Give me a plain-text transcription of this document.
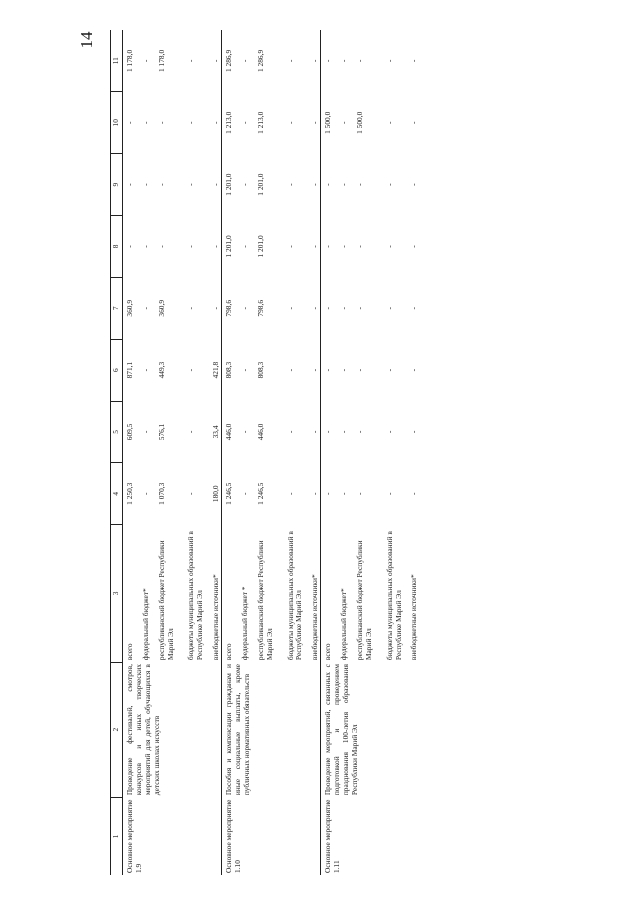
14
1	2	3	4	5	6	7	8	9	10	11
Основное мероприятие 1.9	Проведение фестивалей, смотров, конкурсов и иных творческих мероприятий для детей, обучающихся в детских школах искусств	всего	1 250,3	609,5	871,1	360,9	-	-	-	1 178,0
		федеральный бюджет*	-	-	-	-	-	-	-	-
		республиканский бюджет Республики Марий Эл	1 070,3	576,1	449,3	360,9	-	-	-	1 178,0
		бюджеты муниципальных образований в Республике Марий Эл	-	-	-	-	-	-	-	-
		внебюджетные источники*	180,0	33,4	421,8	-	-	-	-	-
Основное мероприятие 1.10	Пособия и компенсации гражданам и иные социальные выплаты, кроме публичных нормативных обязательств	всего	1 246,5	446,0	808,3	798,6	1 201,0	1 201,0	1 213,0	1 286,9
		федеральный бюджет *	-	-	-	-	-	-	-	-
		республиканский бюджет Республики Марий Эл	1 246,5	446,0	808,3	798,6	1 201,0	1 201,0	1 213,0	1 286,9
		бюджеты муниципальных образований в Республике Марий Эл	-	-	-	-	-	-	-	-
		внебюджетные источники*	-	-	-	-	-	-	-	-
Основное мероприятие 1.11	Проведение мероприятий, связанных с подготовкой и проведением празднования 100-летия образования Республики Марий Эл	всего	-	-	-	-	-	-	1 500,0	-
		федеральный бюджет*	-	-	-	-	-	-	-	-
		республиканский бюджет Республики Марий Эл	-	-	-	-	-	-	1 500,0	-
		бюджеты муниципальных образований в Республике Марий Эл	-	-	-	-	-	-	-	-
		внебюджетные источники*	-	-	-	-	-	-	-	-
